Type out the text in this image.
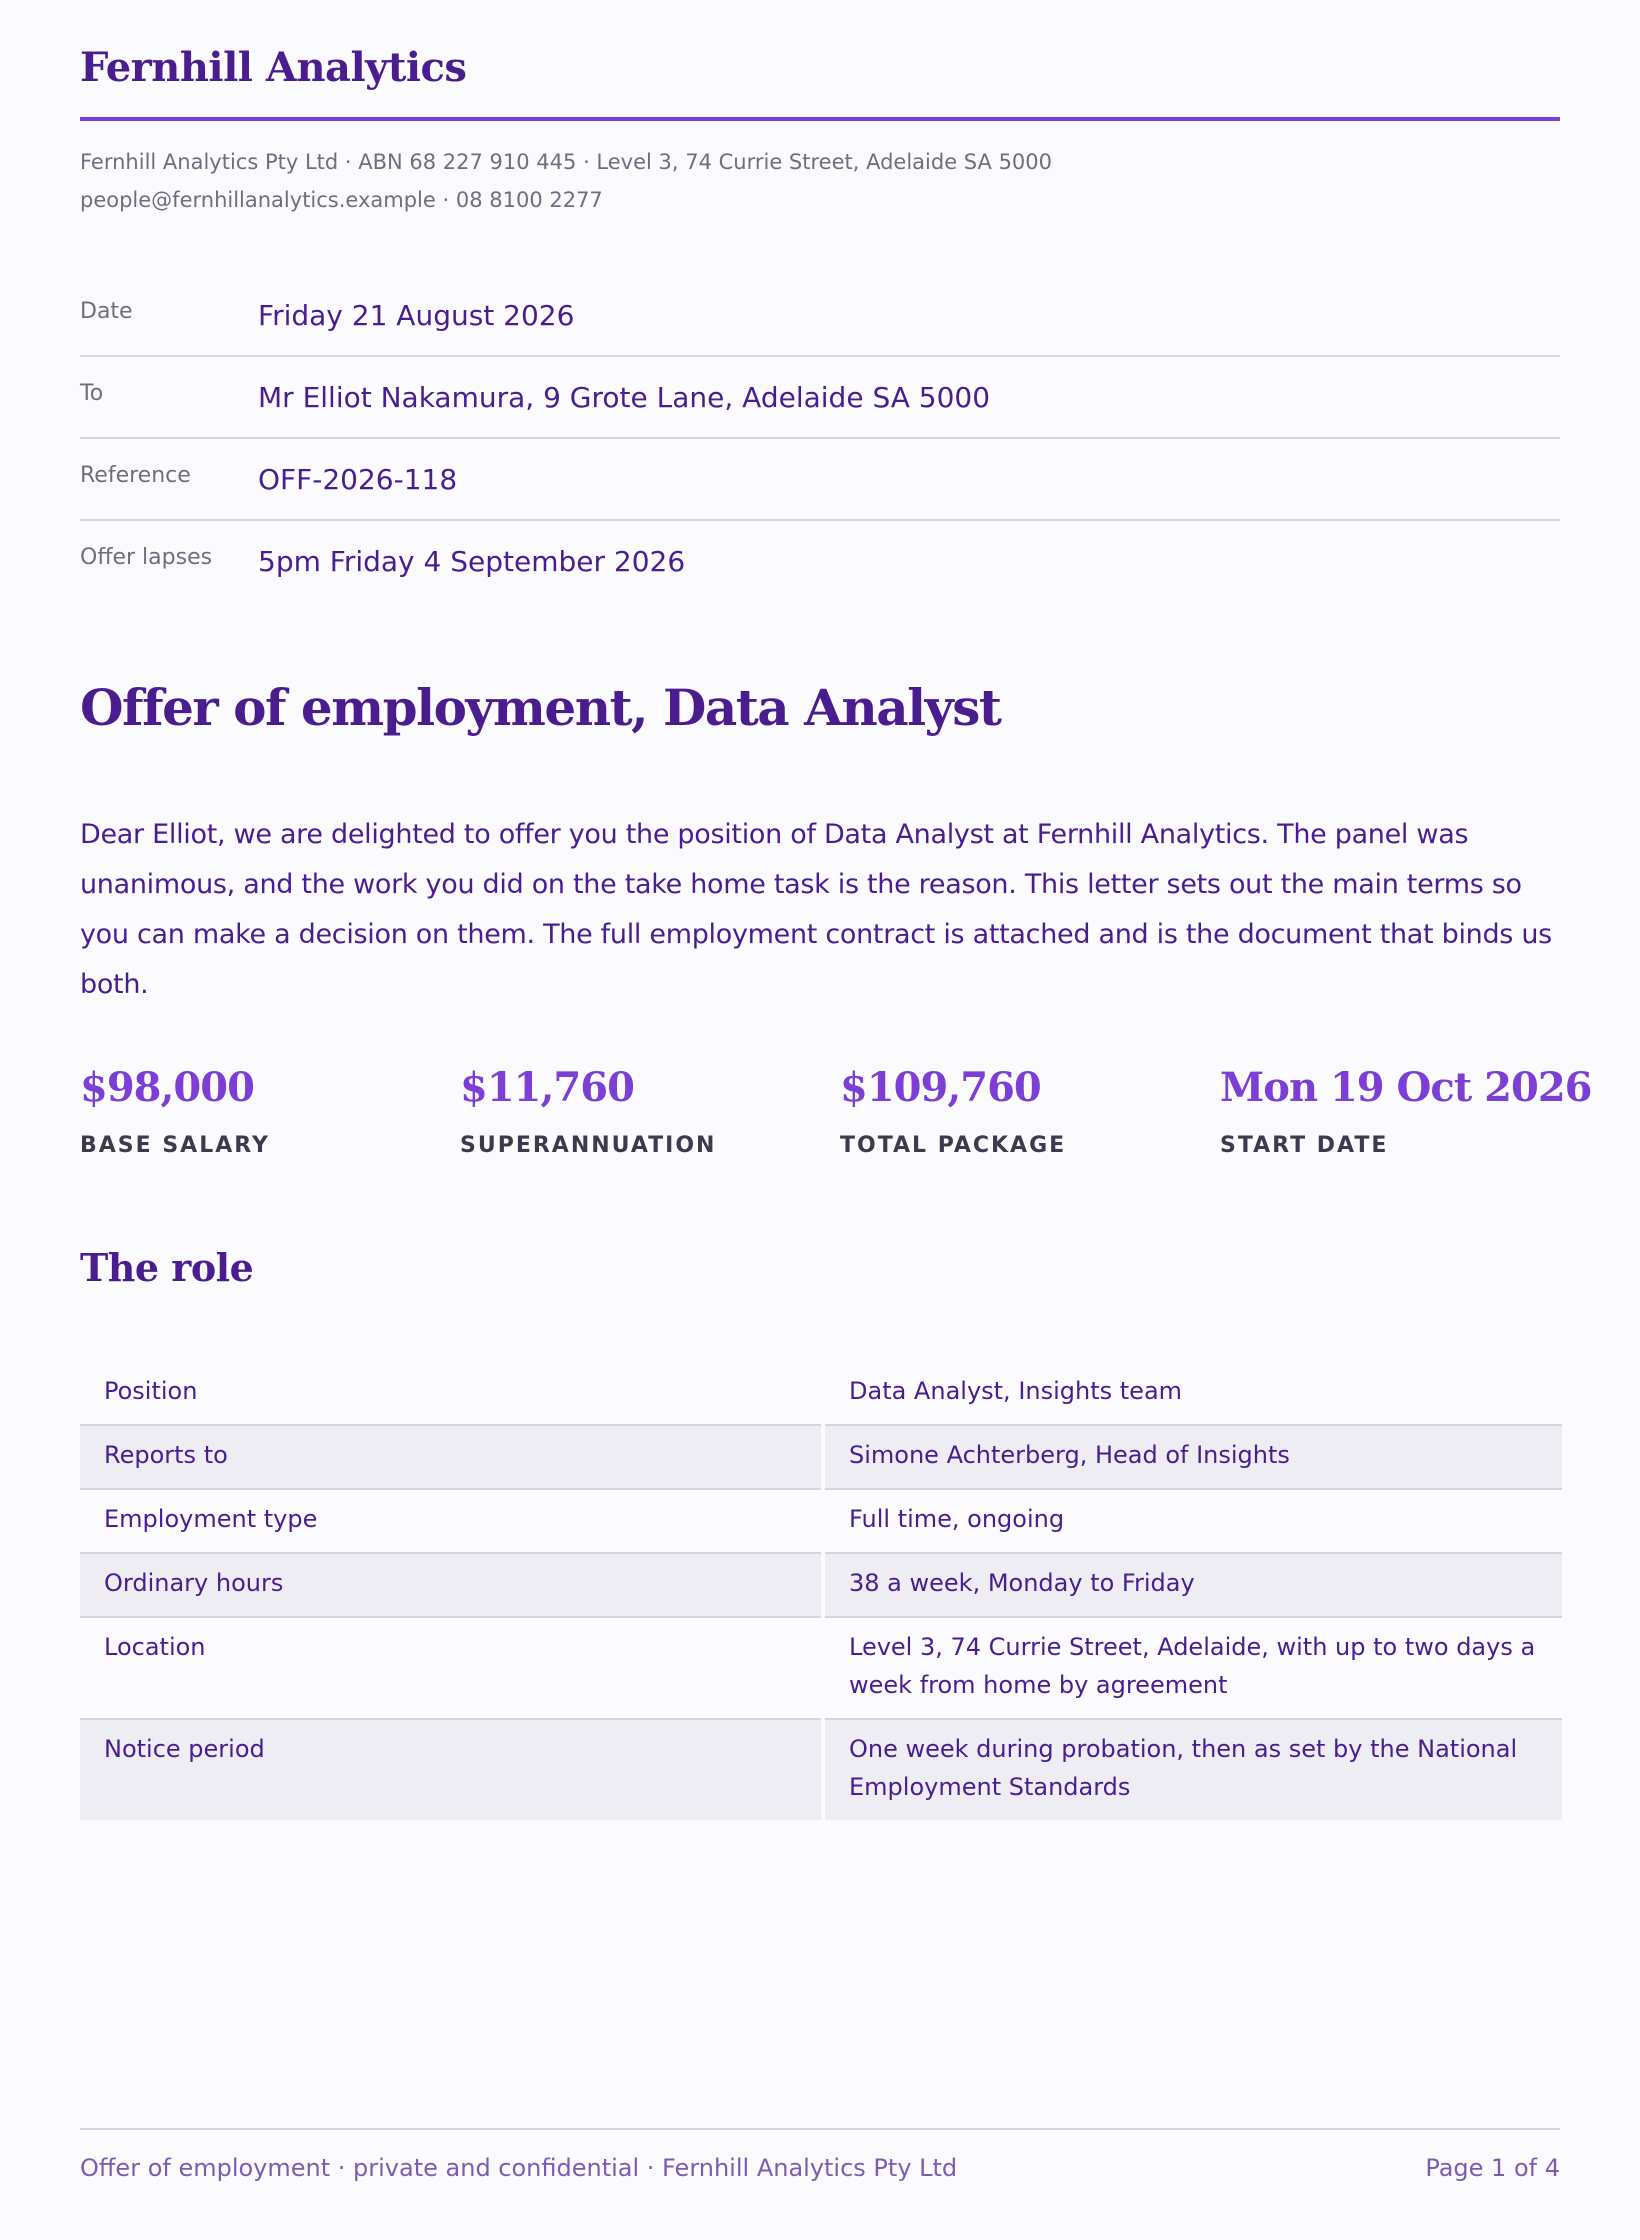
Fernhill Analytics
Fernhill Analytics Pty Ltd · ABN 68 227 910 445 · Level 3, 74 Currie Street, Adelaide SA 5000
people@fernhillanalytics.example · 08 8100 2277
Date	Friday 21 August 2026
To	Mr Elliot Nakamura, 9 Grote Lane, Adelaide SA 5000
Reference OFF-2026-118
Offer lapses 5pm Friday 4 September 2026
Offer of employment, Data Analyst

Dear Elliot, we are delighted to offer you the position of Data Analyst at Fernhill Analytics. The panel was unanimous, and the work you did on the take home task is the reason. This letter sets out the main terms so you can make a decision on them. The full employment contract is attached and is the document that binds us both.

$98,000
BASE SALARY
$11,760
SUPERANNUATION
$109,760
TOTAL PACKAGE
Mon 19 Oct 2026
START DATE
The role
Position	Data Analyst, Insights team
Reports to	Simone Achterberg, Head of Insights
Employment type	Full time, ongoing
Ordinary hours	38 a week, Monday to Friday
Location	Level 3, 74 Currie Street, Adelaide, with up to two days a week from home by agreement
Notice period	One week during probation, then as set by the National Employment Standards
Offer of employment · private and confidential · Fernhill Analytics Pty Ltd	Page 1 of 4
